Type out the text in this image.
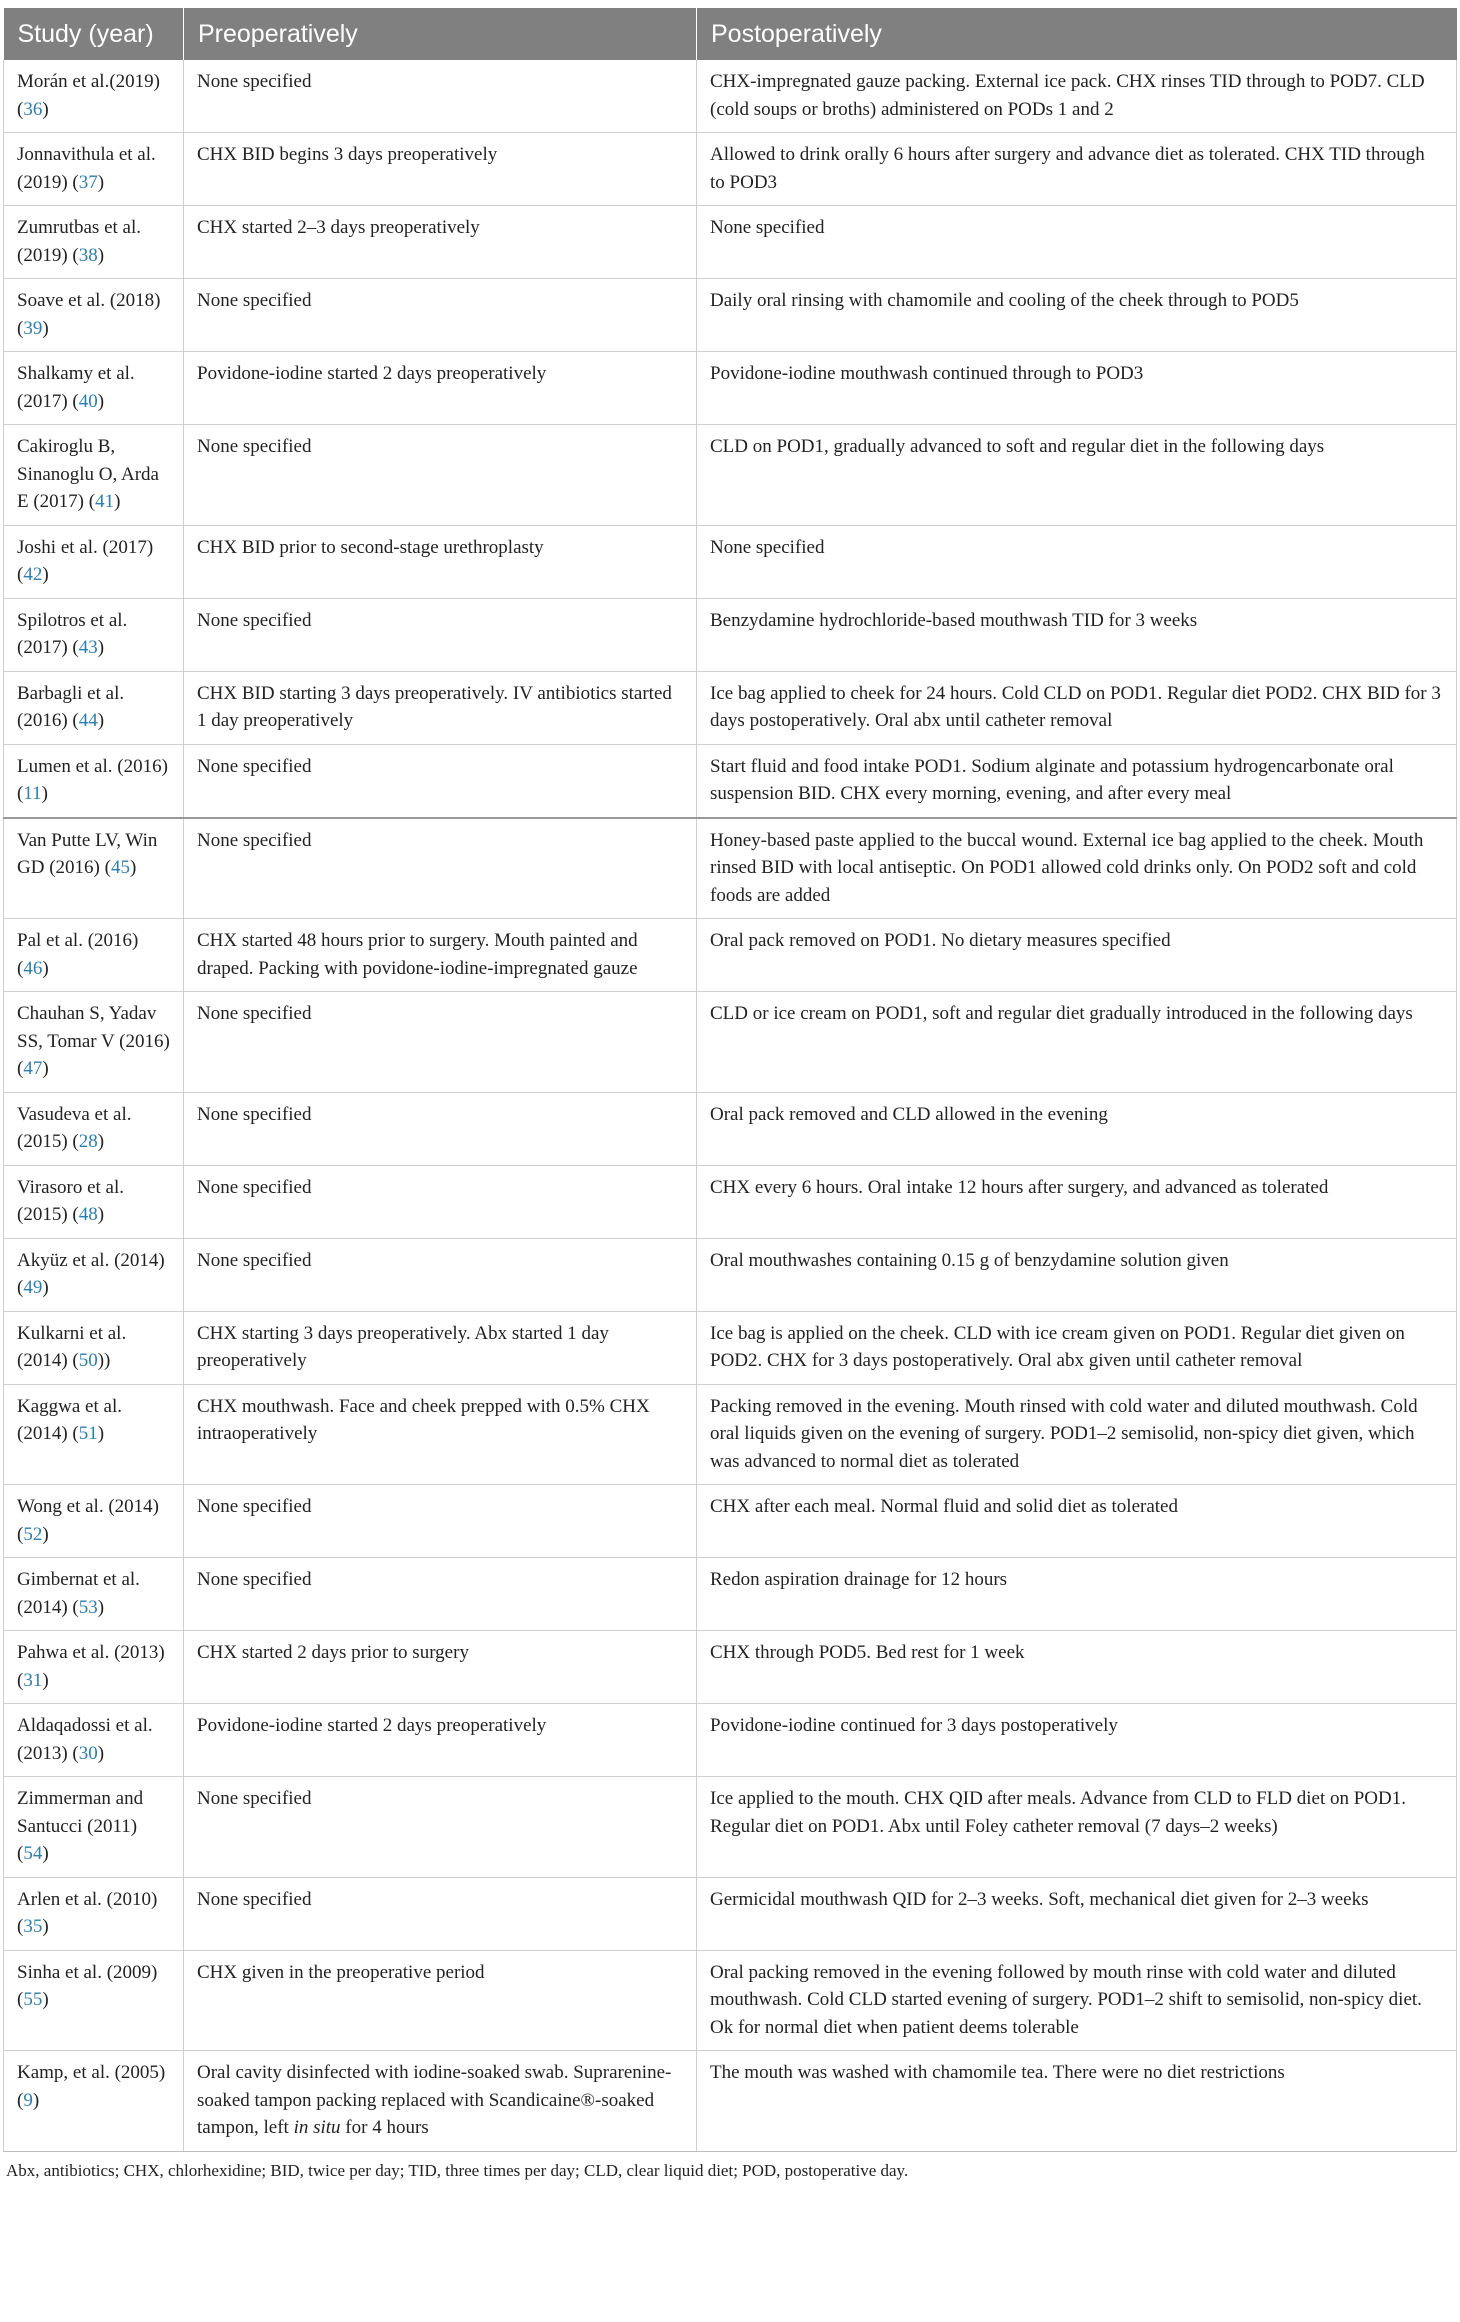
Study (year)	Preoperatively	Postoperatively
Morán et al.(2019) (36)	None specified	CHX-impregnated gauze packing. External ice pack. CHX rinses TID through to POD7. CLD (cold soups or broths) administered on PODs 1 and 2
Jonnavithula et al. (2019) (37)	CHX BID begins 3 days preoperatively	Allowed to drink orally 6 hours after surgery and advance diet as tolerated. CHX TID through to POD3
Zumrutbas et al. (2019) (38)	CHX started 2–3 days preoperatively	None specified
Soave et al. (2018) (39)	None specified	Daily oral rinsing with chamomile and cooling of the cheek through to POD5
Shalkamy et al. (2017) (40)	Povidone-iodine started 2 days preoperatively	Povidone-iodine mouthwash continued through to POD3
Cakiroglu B, Sinanoglu O, Arda E (2017) (41)	None specified	CLD on POD1, gradually advanced to soft and regular diet in the following days
Joshi et al. (2017) (42)	CHX BID prior to second-stage urethroplasty	None specified
Spilotros et al. (2017) (43)	None specified	Benzydamine hydrochloride-based mouthwash TID for 3 weeks
Barbagli et al. (2016) (44)	CHX BID starting 3 days preoperatively. IV antibiotics started 1 day preoperatively	Ice bag applied to cheek for 24 hours. Cold CLD on POD1. Regular diet POD2. CHX BID for 3 days postoperatively. Oral abx until catheter removal
Lumen et al. (2016) (11)	None specified	Start fluid and food intake POD1. Sodium alginate and potassium hydrogencarbonate oral suspension BID. CHX every morning, evening, and after every meal
Van Putte LV, Win GD (2016) (45)	None specified	Honey-based paste applied to the buccal wound. External ice bag applied to the cheek. Mouth rinsed BID with local antiseptic. On POD1 allowed cold drinks only. On POD2 soft and cold foods are added
Pal et al. (2016) (46)	CHX started 48 hours prior to surgery. Mouth painted and draped. Packing with povidone-iodine-impregnated gauze	Oral pack removed on POD1. No dietary measures specified
Chauhan S, Yadav SS, Tomar V (2016) (47)	None specified	CLD or ice cream on POD1, soft and regular diet gradually introduced in the following days
Vasudeva et al. (2015) (28)	None specified	Oral pack removed and CLD allowed in the evening
Virasoro et al. (2015) (48)	None specified	CHX every 6 hours. Oral intake 12 hours after surgery, and advanced as tolerated
Akyüz et al. (2014) (49)	None specified	Oral mouthwashes containing 0.15 g of benzydamine solution given
Kulkarni et al. (2014) (50))	CHX starting 3 days preoperatively. Abx started 1 day preoperatively	Ice bag is applied on the cheek. CLD with ice cream given on POD1. Regular diet given on POD2. CHX for 3 days postoperatively. Oral abx given until catheter removal
Kaggwa et al. (2014) (51)	CHX mouthwash. Face and cheek prepped with 0.5% CHX intraoperatively	Packing removed in the evening. Mouth rinsed with cold water and diluted mouthwash. Cold oral liquids given on the evening of surgery. POD1–2 semisolid, non-spicy diet given, which was advanced to normal diet as tolerated
Wong et al. (2014) (52)	None specified	CHX after each meal. Normal fluid and solid diet as tolerated
Gimbernat et al. (2014) (53)	None specified	Redon aspiration drainage for 12 hours
Pahwa et al. (2013) (31)	CHX started 2 days prior to surgery	CHX through POD5. Bed rest for 1 week
Aldaqadossi et al. (2013) (30)	Povidone-iodine started 2 days preoperatively	Povidone-iodine continued for 3 days postoperatively
Zimmerman and Santucci (2011) (54)	None specified	Ice applied to the mouth. CHX QID after meals. Advance from CLD to FLD diet on POD1. Regular diet on POD1. Abx until Foley catheter removal (7 days–2 weeks)
Arlen et al. (2010) (35)	None specified	Germicidal mouthwash QID for 2–3 weeks. Soft, mechanical diet given for 2–3 weeks
Sinha et al. (2009) (55)	CHX given in the preoperative period	Oral packing removed in the evening followed by mouth rinse with cold water and diluted mouthwash. Cold CLD started evening of surgery. POD1–2 shift to semisolid, non-spicy diet. Ok for normal diet when patient deems tolerable
Kamp, et al. (2005) (9)	Oral cavity disinfected with iodine-soaked swab. Suprarenine-soaked tampon packing replaced with Scandicaine®-soaked tampon, left in situ for 4 hours	The mouth was washed with chamomile tea. There were no diet restrictions
Abx, antibiotics; CHX, chlorhexidine; BID, twice per day; TID, three times per day; CLD, clear liquid diet; POD, postoperative day.
